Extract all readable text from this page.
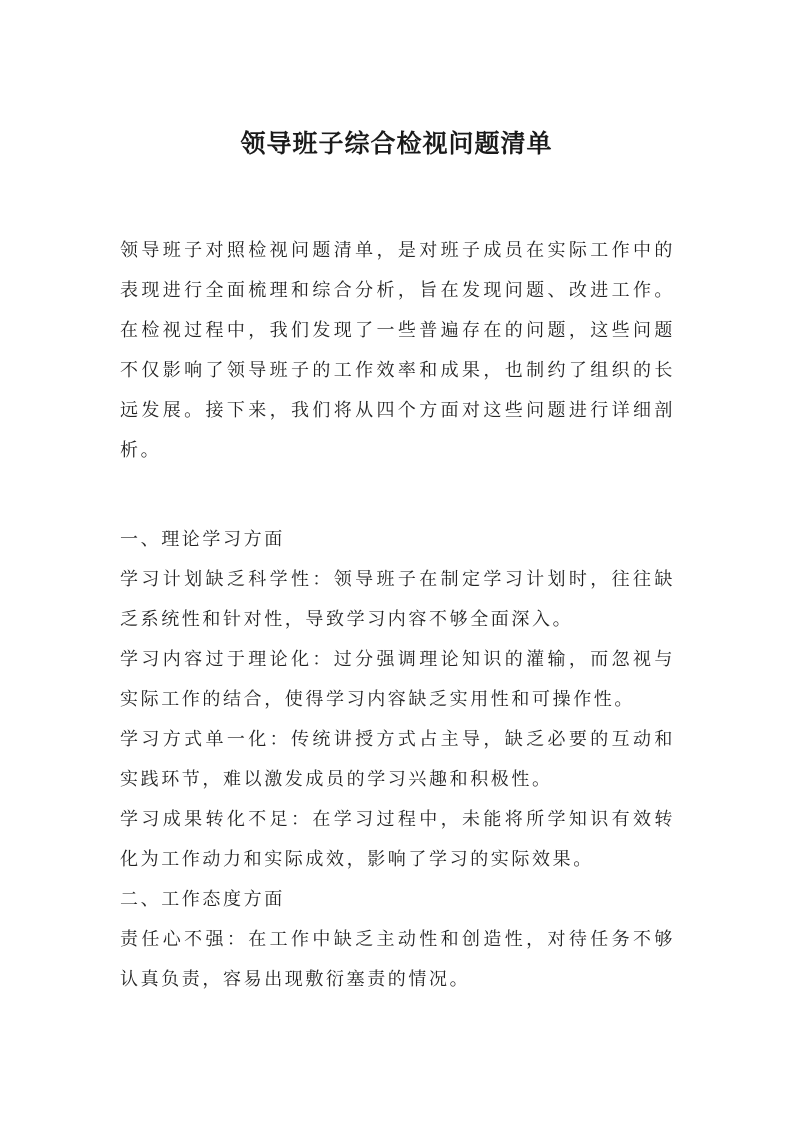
领导班子综合检视问题清单

领导班子对照检视问题清单，是对班子成员在实际工作中的表现进行全面梳理和综合分析，旨在发现问题、改进工作。在检视过程中，我们发现了一些普遍存在的问题，这些问题不仅影响了领导班子的工作效率和成果，也制约了组织的长远发展。接下来，我们将从四个方面对这些问题进行详细剖析。

一、理论学习方面

学习计划缺乏科学性：领导班子在制定学习计划时，往往缺乏系统性和针对性，导致学习内容不够全面深入。

学习内容过于理论化：过分强调理论知识的灌输，而忽视与实际工作的结合，使得学习内容缺乏实用性和可操作性。

学习方式单一化：传统讲授方式占主导，缺乏必要的互动和实践环节，难以激发成员的学习兴趣和积极性。

学习成果转化不足：在学习过程中，未能将所学知识有效转化为工作动力和实际成效，影响了学习的实际效果。

二、工作态度方面

责任心不强：在工作中缺乏主动性和创造性，对待任务不够认真负责，容易出现敷衍塞责的情况。
